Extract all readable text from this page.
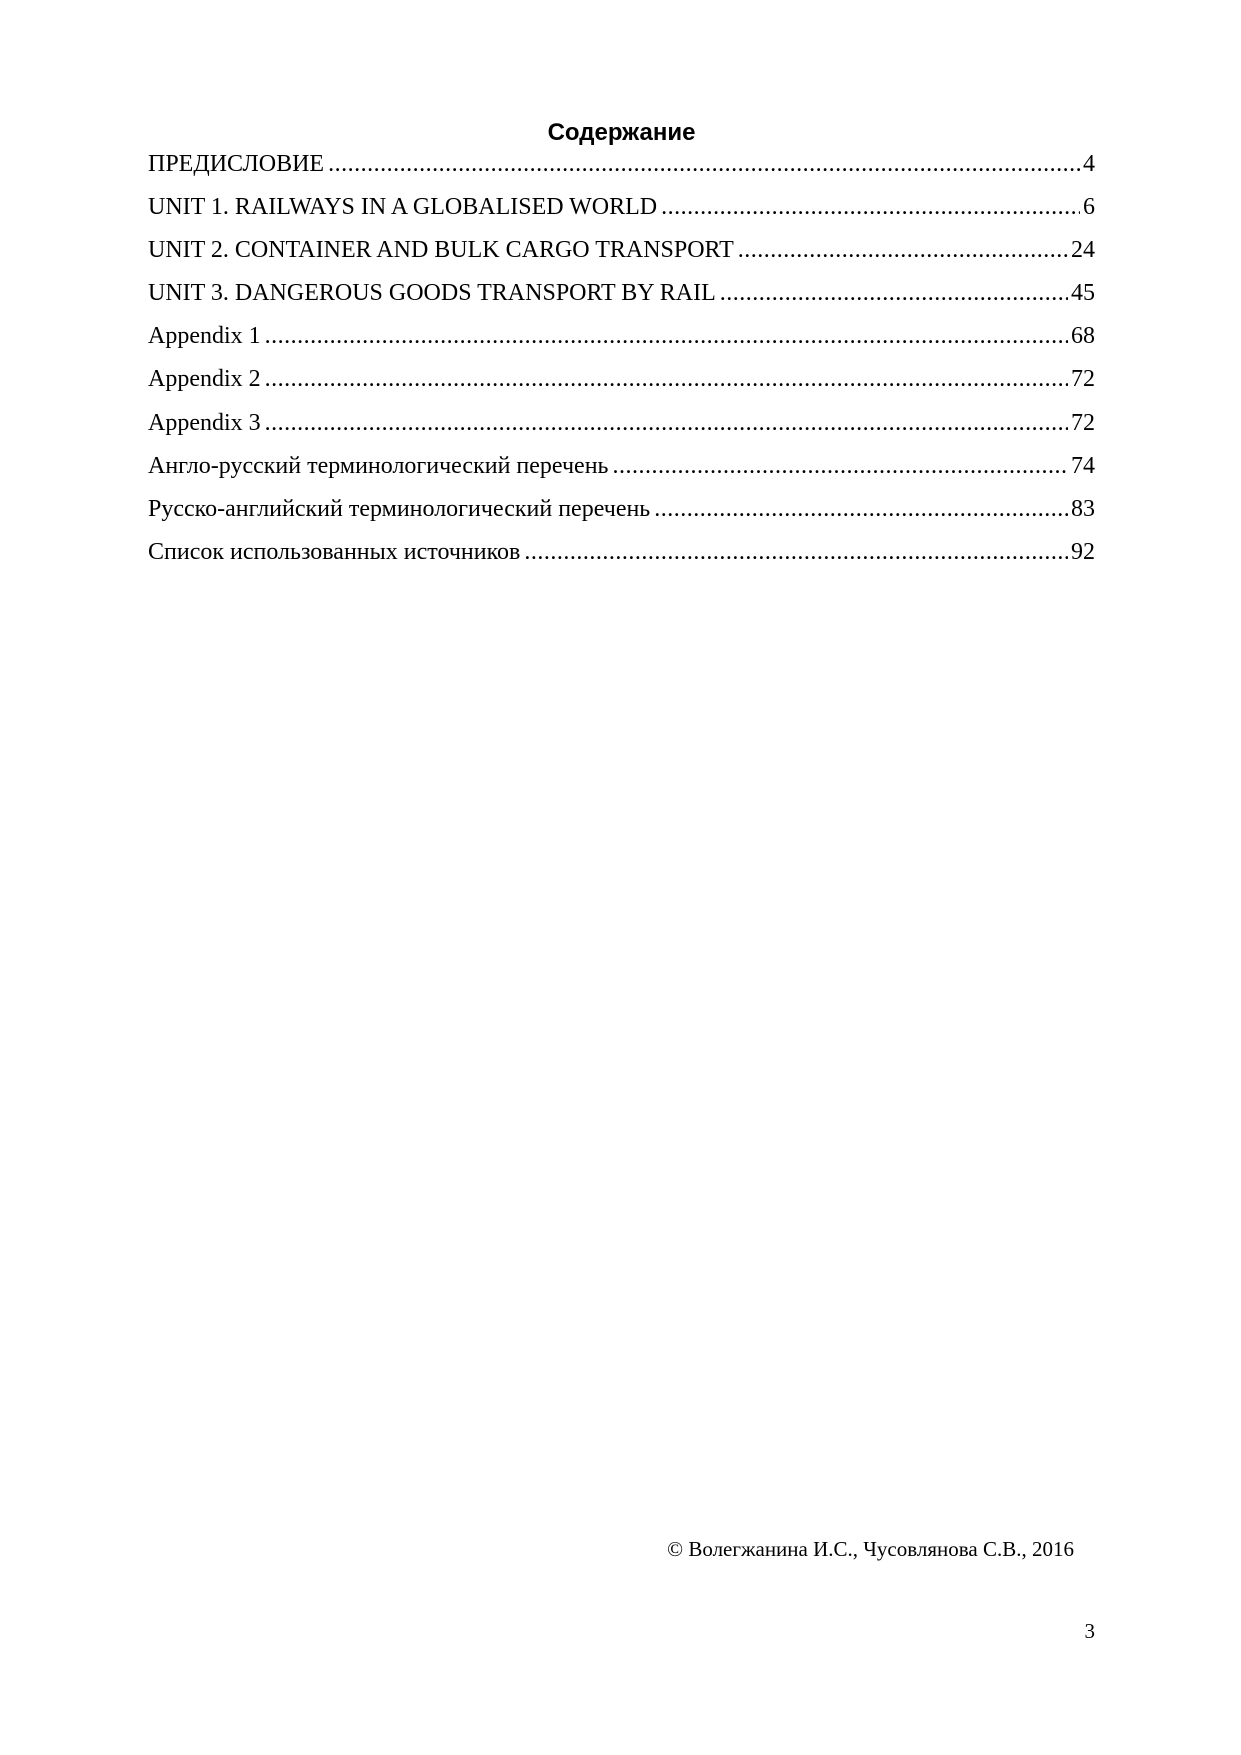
Содержание
ПРЕДИСЛОВИЕ .....	4
UNIT 1. RAILWAYS IN A GLOBALISED WORLD .....	6
UNIT 2. CONTAINER AND BULK CARGO TRANSPORT .....	24
UNIT 3. DANGEROUS GOODS TRANSPORT BY RAIL .....	45
Appendix 1 .....	68
Appendix 2 .....	72
Appendix 3 .....	72
Англо-русский терминологический перечень .....	74
Русско-английский терминологический перечень .....	83
Список использованных источников .....	92

© Волегжанина И.С., Чусовлянова С.В., 2016

3
